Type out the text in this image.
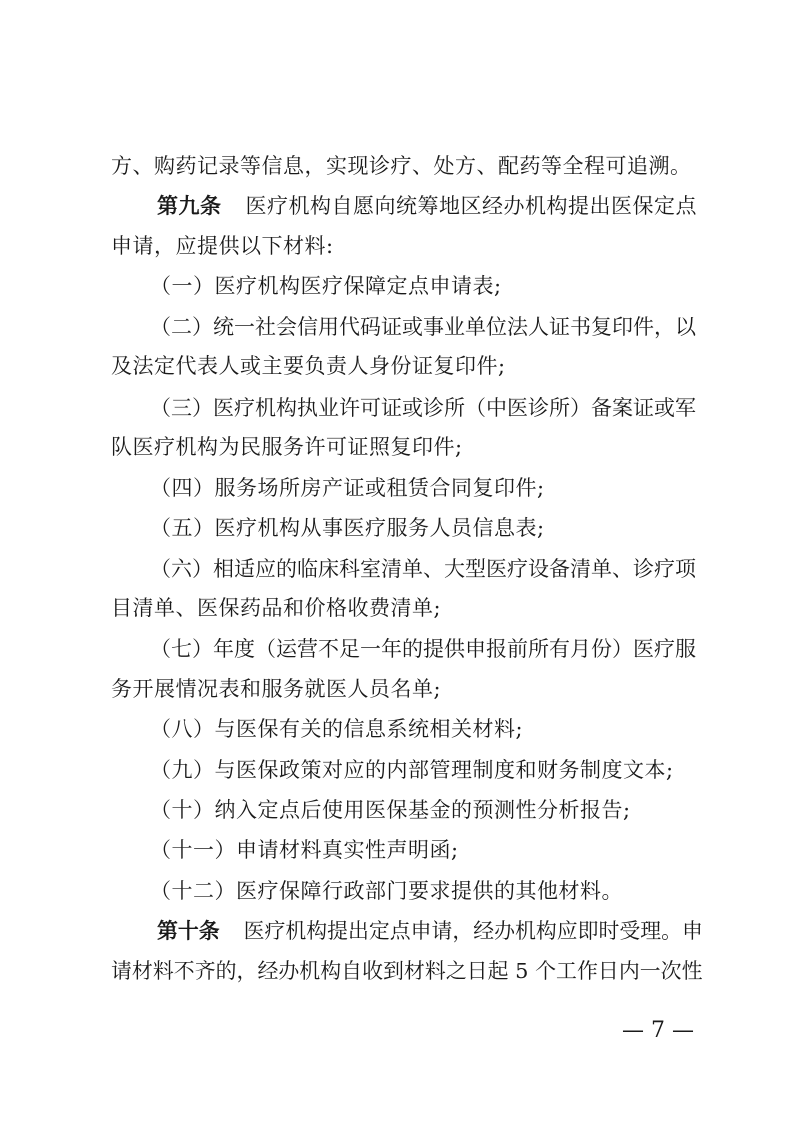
方、购药记录等信息，实现诊疗、处方、配药等全程可追溯。
第九条 医疗机构自愿向统筹地区经办机构提出医保定点
申请，应提供以下材料:
（一）医疗机构医疗保障定点申请表;
（二）统一社会信用代码证或事业单位法人证书复印件，以
及法定代表人或主要负责人身份证复印件;
（三）医疗机构执业许可证或诊所（中医诊所）备案证或军
队医疗机构为民服务许可证照复印件;
（四）服务场所房产证或租赁合同复印件;
（五）医疗机构从事医疗服务人员信息表;
（六）相适应的临床科室清单、大型医疗设备清单、诊疗项
目清单、医保药品和价格收费清单;
（七）年度（运营不足一年的提供申报前所有月份）医疗服
务开展情况表和服务就医人员名单;
（八）与医保有关的信息系统相关材料;
（九）与医保政策对应的内部管理制度和财务制度文本;
（十）纳入定点后使用医保基金的预测性分析报告;
（十一）申请材料真实性声明函;
（十二）医疗保障行政部门要求提供的其他材料。
第十条 医疗机构提出定点申请，经办机构应即时受理。申
请材料不齐的，经办机构自收到材料之日起 5 个工作日内一次性
— 7 —
